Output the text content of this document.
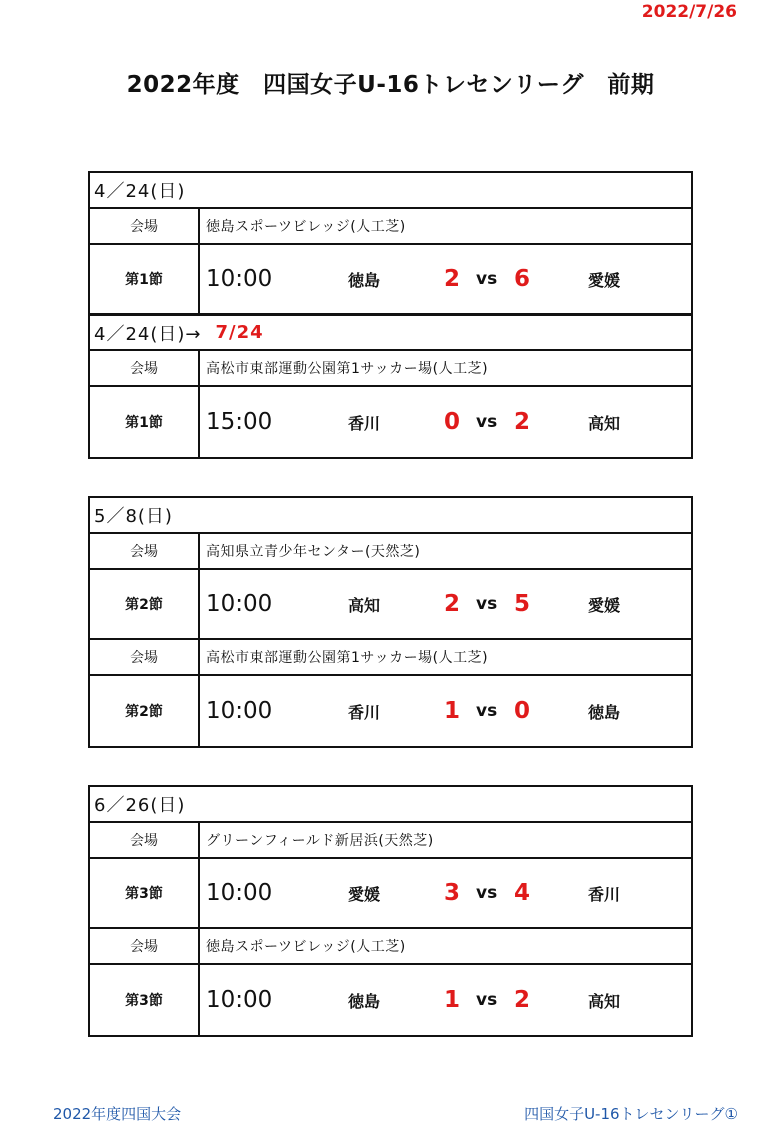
2022/7/26
2022年度　四国女子U-16トレセンリーグ　前期
4／24(日)
会場	徳島スポーツビレッジ(人工芝)
第1節	10:00	徳島	2 vs 6	愛媛
4／24(日)→ 7/24
会場	高松市東部運動公園第1サッカー場(人工芝)
第1節	15:00	香川	0 vs 2	高知
5／8(日)
会場	高知県立青少年センター(天然芝)
第2節	10:00	高知	2 vs 5	愛媛
会場	高松市東部運動公園第1サッカー場(人工芝)
第2節	10:00	香川	1 vs 0	徳島
6／26(日)
会場	グリーンフィールド新居浜(天然芝)
第3節	10:00	愛媛	3 vs 4	香川
会場	徳島スポーツビレッジ(人工芝)
第3節	10:00	徳島	1 vs 2	高知
2022年度四国大会	四国女子U-16トレセンリーグ①
